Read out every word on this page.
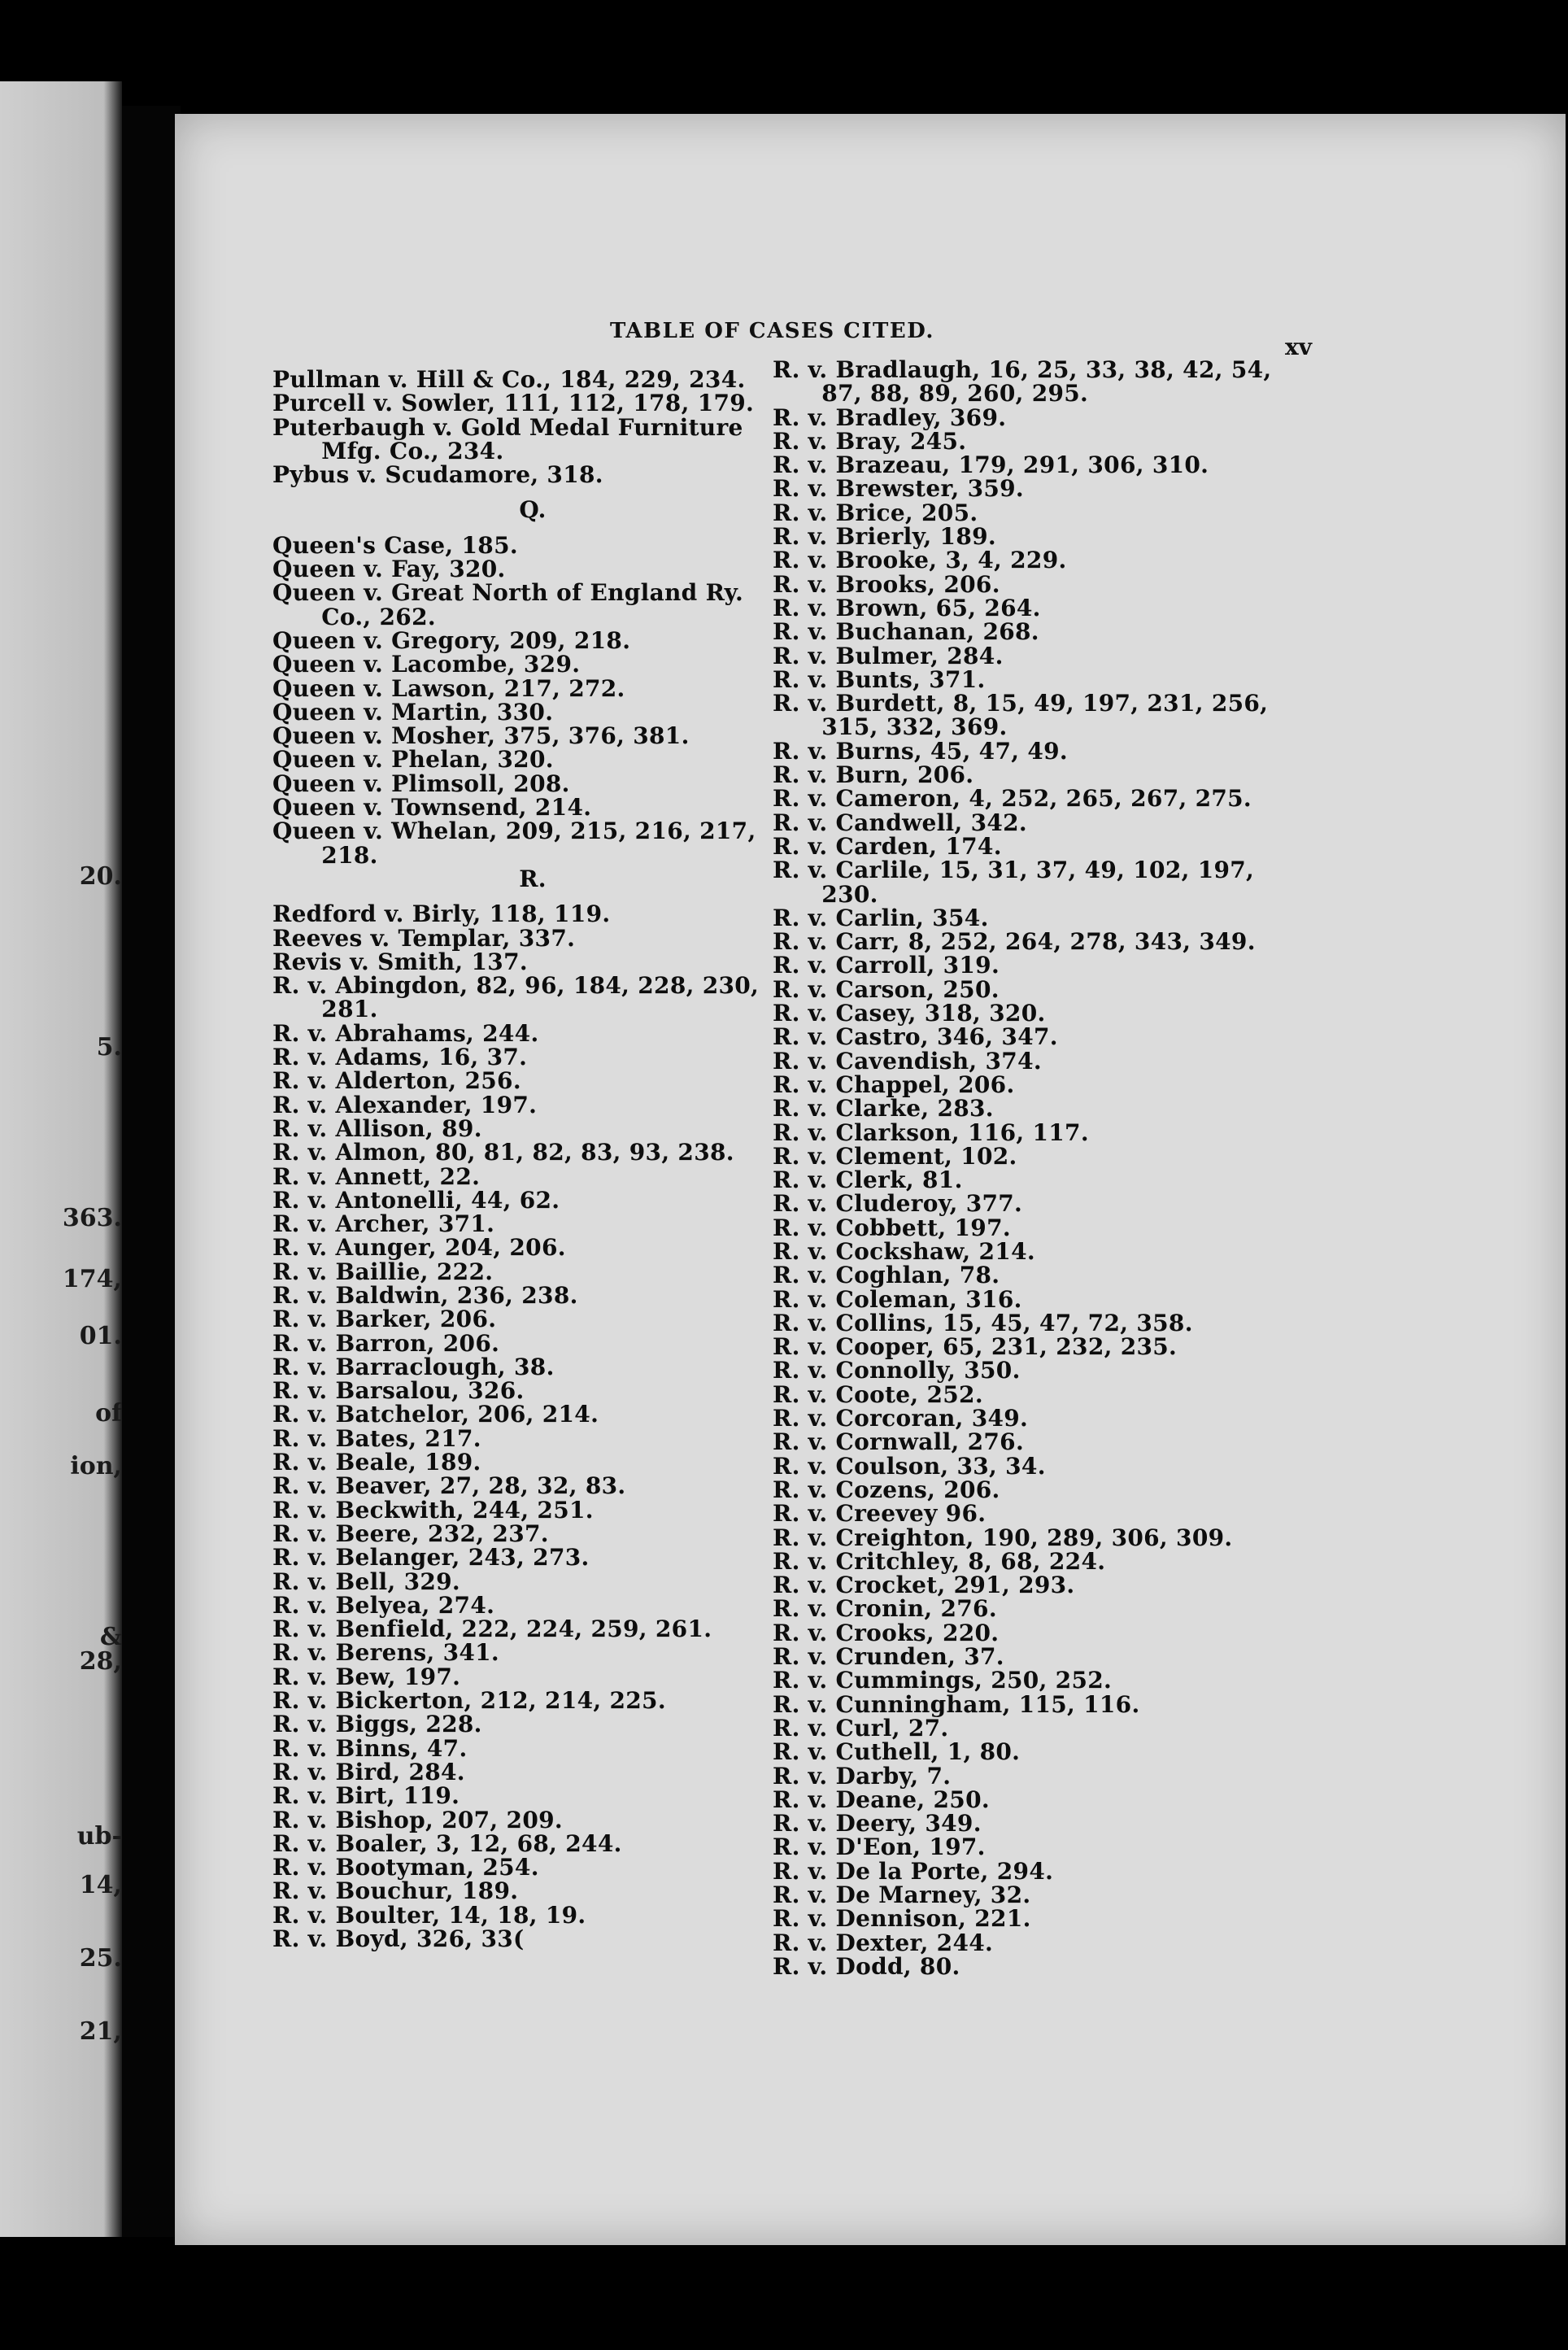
20.
5.
363.
174,
01.
of
ion,
&
28,
ub-
14,
25.
21,
TABLE OF CASES CITED.
xv
Pullman v. Hill & Co., 184, 229, 234.
Purcell v. Sowler, 111, 112, 178, 179.
Puterbaugh v. Gold Medal Furniture
Mfg. Co., 234.
Pybus v. Scudamore, 318.
Q.
Queen's Case, 185.
Queen v. Fay, 320.
Queen v. Great North of England Ry.
Co., 262.
Queen v. Gregory, 209, 218.
Queen v. Lacombe, 329.
Queen v. Lawson, 217, 272.
Queen v. Martin, 330.
Queen v. Mosher, 375, 376, 381.
Queen v. Phelan, 320.
Queen v. Plimsoll, 208.
Queen v. Townsend, 214.
Queen v. Whelan, 209, 215, 216, 217,
218.
R.
Redford v. Birly, 118, 119.
Reeves v. Templar, 337.
Revis v. Smith, 137.
R. v. Abingdon, 82, 96, 184, 228, 230,
281.
R. v. Abrahams, 244.
R. v. Adams, 16, 37.
R. v. Alderton, 256.
R. v. Alexander, 197.
R. v. Allison, 89.
R. v. Almon, 80, 81, 82, 83, 93, 238.
R. v. Annett, 22.
R. v. Antonelli, 44, 62.
R. v. Archer, 371.
R. v. Aunger, 204, 206.
R. v. Baillie, 222.
R. v. Baldwin, 236, 238.
R. v. Barker, 206.
R. v. Barron, 206.
R. v. Barraclough, 38.
R. v. Barsalou, 326.
R. v. Batchelor, 206, 214.
R. v. Bates, 217.
R. v. Beale, 189.
R. v. Beaver, 27, 28, 32, 83.
R. v. Beckwith, 244, 251.
R. v. Beere, 232, 237.
R. v. Belanger, 243, 273.
R. v. Bell, 329.
R. v. Belyea, 274.
R. v. Benfield, 222, 224, 259, 261.
R. v. Berens, 341.
R. v. Bew, 197.
R. v. Bickerton, 212, 214, 225.
R. v. Biggs, 228.
R. v. Binns, 47.
R. v. Bird, 284.
R. v. Birt, 119.
R. v. Bishop, 207, 209.
R. v. Boaler, 3, 12, 68, 244.
R. v. Bootyman, 254.
R. v. Bouchur, 189.
R. v. Boulter, 14, 18, 19.
R. v. Boyd, 326, 33(
R. v. Bradlaugh, 16, 25, 33, 38, 42, 54,
87, 88, 89, 260, 295.
R. v. Bradley, 369.
R. v. Bray, 245.
R. v. Brazeau, 179, 291, 306, 310.
R. v. Brewster, 359.
R. v. Brice, 205.
R. v. Brierly, 189.
R. v. Brooke, 3, 4, 229.
R. v. Brooks, 206.
R. v. Brown, 65, 264.
R. v. Buchanan, 268.
R. v. Bulmer, 284.
R. v. Bunts, 371.
R. v. Burdett, 8, 15, 49, 197, 231, 256,
315, 332, 369.
R. v. Burns, 45, 47, 49.
R. v. Burn, 206.
R. v. Cameron, 4, 252, 265, 267, 275.
R. v. Candwell, 342.
R. v. Carden, 174.
R. v. Carlile, 15, 31, 37, 49, 102, 197,
230.
R. v. Carlin, 354.
R. v. Carr, 8, 252, 264, 278, 343, 349.
R. v. Carroll, 319.
R. v. Carson, 250.
R. v. Casey, 318, 320.
R. v. Castro, 346, 347.
R. v. Cavendish, 374.
R. v. Chappel, 206.
R. v. Clarke, 283.
R. v. Clarkson, 116, 117.
R. v. Clement, 102.
R. v. Clerk, 81.
R. v. Cluderoy, 377.
R. v. Cobbett, 197.
R. v. Cockshaw, 214.
R. v. Coghlan, 78.
R. v. Coleman, 316.
R. v. Collins, 15, 45, 47, 72, 358.
R. v. Cooper, 65, 231, 232, 235.
R. v. Connolly, 350.
R. v. Coote, 252.
R. v. Corcoran, 349.
R. v. Cornwall, 276.
R. v. Coulson, 33, 34.
R. v. Cozens, 206.
R. v. Creevey 96.
R. v. Creighton, 190, 289, 306, 309.
R. v. Critchley, 8, 68, 224.
R. v. Crocket, 291, 293.
R. v. Cronin, 276.
R. v. Crooks, 220.
R. v. Crunden, 37.
R. v. Cummings, 250, 252.
R. v. Cunningham, 115, 116.
R. v. Curl, 27.
R. v. Cuthell, 1, 80.
R. v. Darby, 7.
R. v. Deane, 250.
R. v. Deery, 349.
R. v. D'Eon, 197.
R. v. De la Porte, 294.
R. v. De Marney, 32.
R. v. Dennison, 221.
R. v. Dexter, 244.
R. v. Dodd, 80.
